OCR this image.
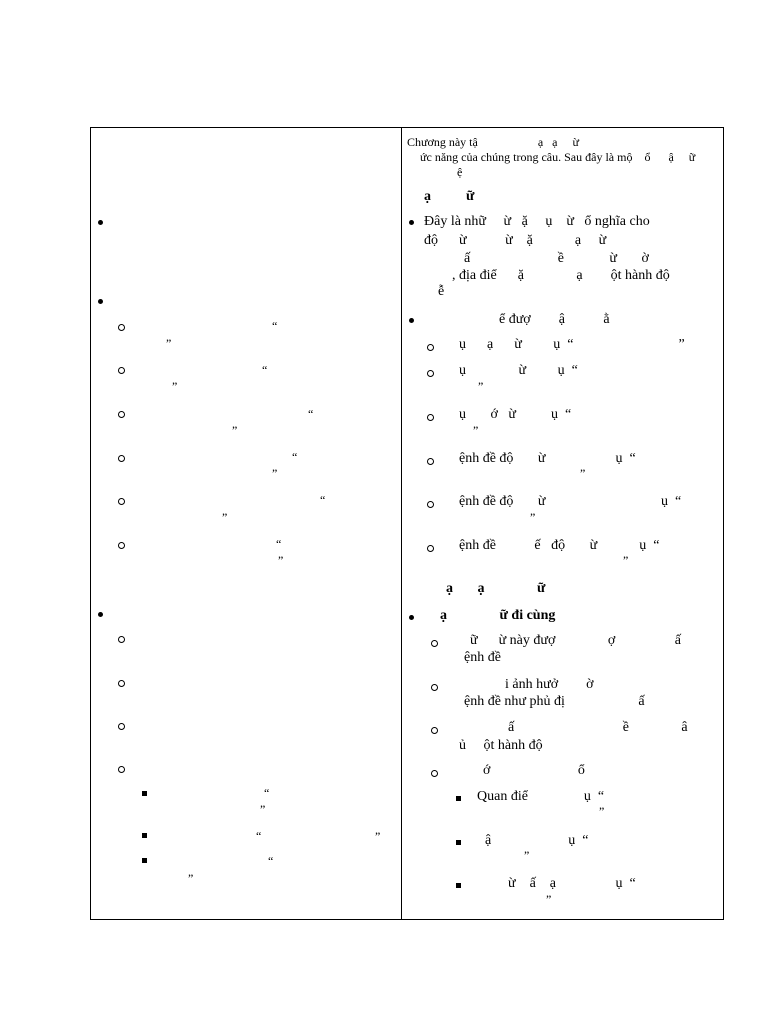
“
”
“
”
“
”
“
”
“
”
“
”
“
”
“	”
“
”
Chương này tậ                    ạ   ạ     ừ
ức năng của chúng trong câu. Sau đây là mộ    ổ      ậ     ữ
ệ
ạ          ữ
Đây là nhữ     ừ   ặ     ụ    ừ   ổ nghĩa cho
độ      ừ           ừ    ặ            ạ     ừ
ấ                         ề             ừ       ờ
, địa điể      ặ               ạ        ột hành độ
ễ
ể đượ        ậ           ằ
ụ      ạ      ừ         ụ  “                              ”
ụ               ừ         ụ  “
”
ụ       ớ   ừ          ụ  “
”
ệnh đề độ       ừ                    ụ  “
”
ệnh đề độ       ừ                                 ụ  “
”
ệnh đề           ế   độ       ừ            ụ  “
”
ạ       ạ               ữ
ạ               ữ đi cùng
ữ      ừ này đượ               ợ                 ấ
ệnh đề
i ảnh hưở        ờ
ệnh đề như phủ đị                     ấ
ấ                               ề               â
ủ     ột hành độ
ớ                         ổ
Quan điể                ụ  “
”
ậ                      ụ  “
”
ừ    ấ    ạ                 ụ  “
”
